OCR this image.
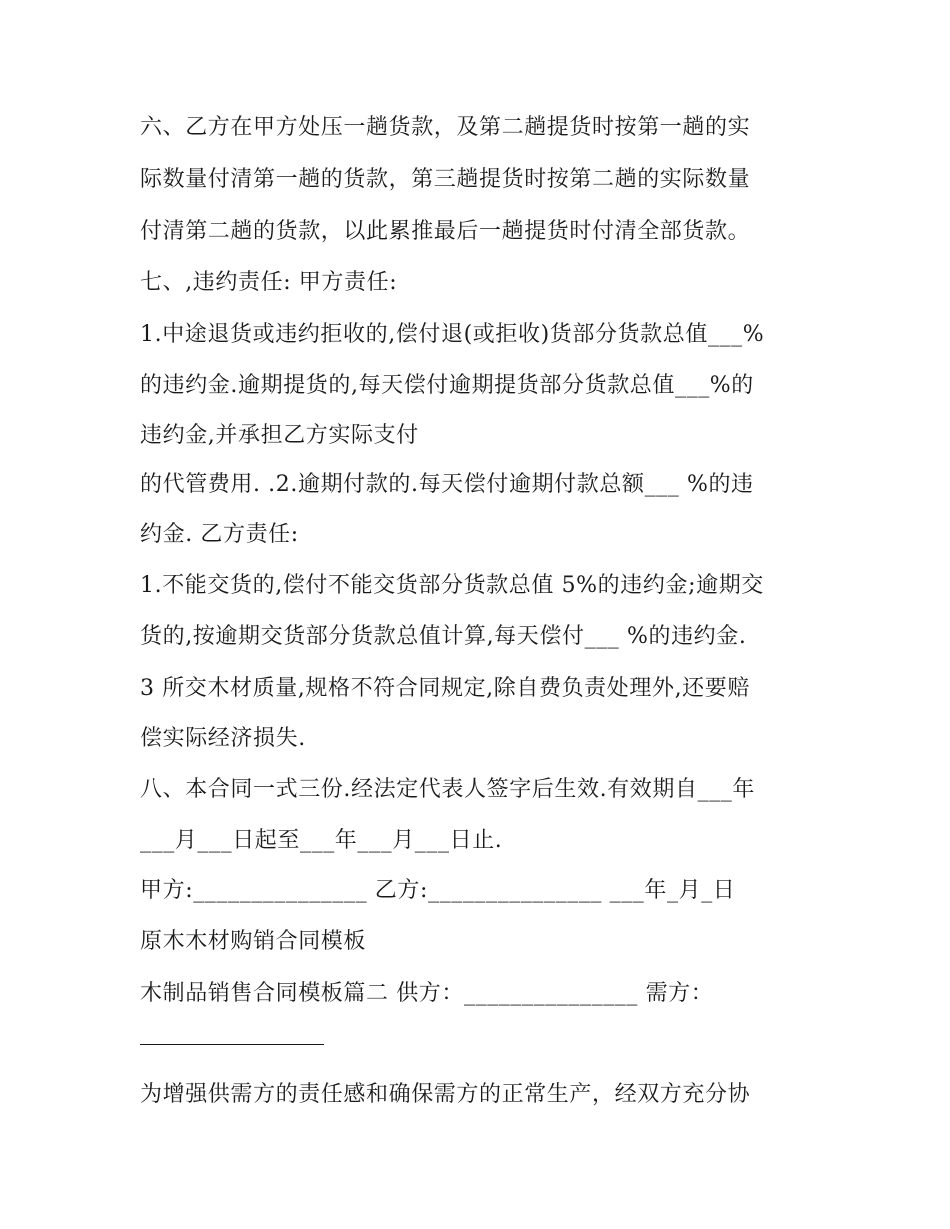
六、乙方在甲方处压一趟货款，及第二趟提货时按第一趟的实
际数量付清第一趟的货款，第三趟提货时按第二趟的实际数量
付清第二趟的货款，以此累推最后一趟提货时付清全部货款。
七、,违约责任: 甲方责任:
1.中途退货或违约拒收的,偿付退(或拒收)货部分货款总值___%
的违约金.逾期提货的,每天偿付逾期提货部分货款总值___%的
违约金,并承担乙方实际支付
的代管费用. .2.逾期付款的.每天偿付逾期付款总额___ %的违
约金. 乙方责任:
1.不能交货的,偿付不能交货部分货款总值 5%的违约金;逾期交
货的,按逾期交货部分货款总值计算,每天偿付___ %的违约金.
3 所交木材质量,规格不符合同规定,除自费负责处理外,还要赔
偿实际经济损失.
八、本合同一式三份.经法定代表人签字后生效.有效期自___年
___月___日起至___年___月___日止.
甲方:_______________ 乙方:_______________ ___年_月_日
原木木材购销合同模板
木制品销售合同模板篇二 供方：_______________ 需方：
为增强供需方的责任感和确保需方的正常生产，经双方充分协
